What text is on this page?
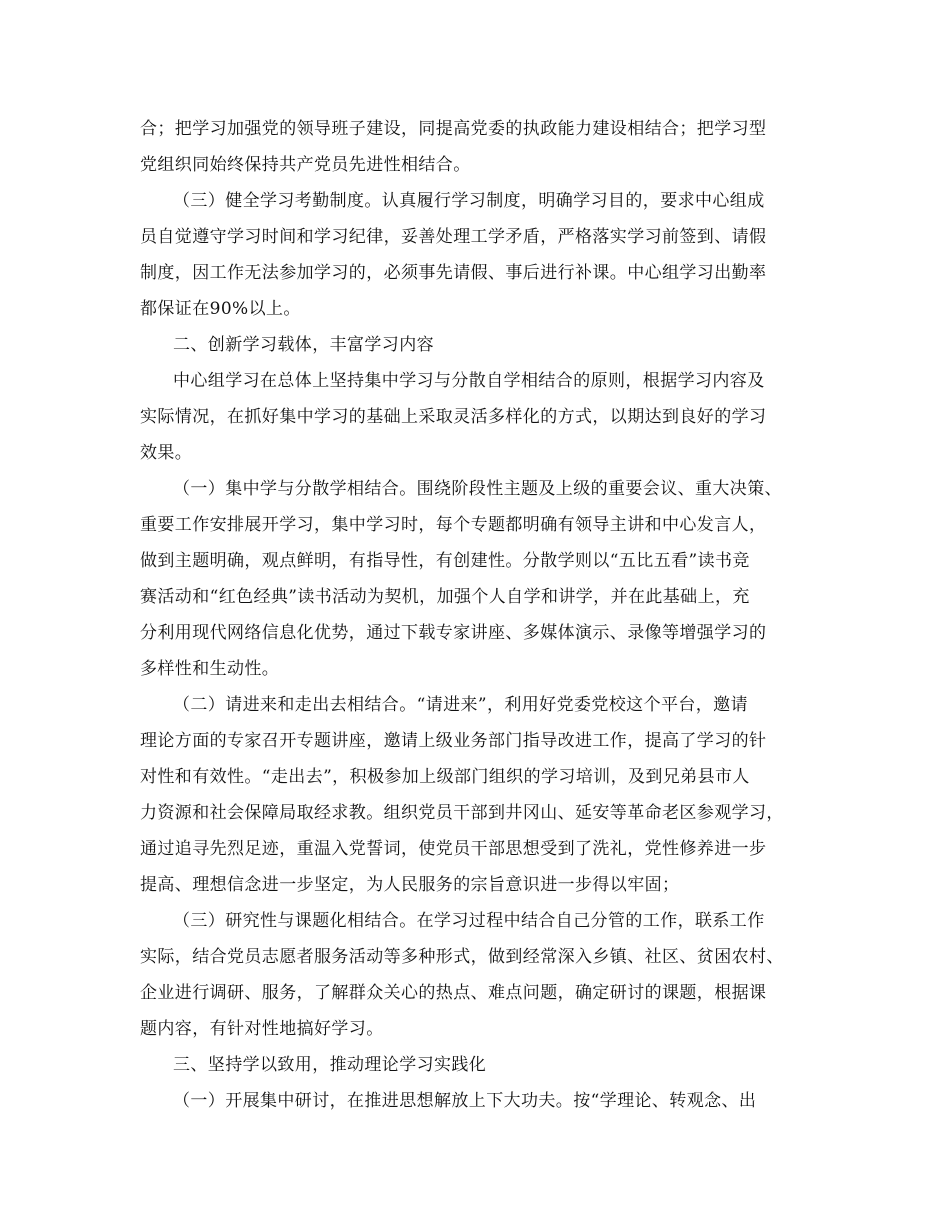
合；把学习加强党的领导班子建设，同提高党委的执政能力建设相结合；把学习型
党组织同始终保持共产党员先进性相结合。
（三）健全学习考勤制度。认真履行学习制度，明确学习目的，要求中心组成
员自觉遵守学习时间和学习纪律，妥善处理工学矛盾，严格落实学习前签到、请假
制度，因工作无法参加学习的，必须事先请假、事后进行补课。中心组学习出勤率
都保证在90%以上。
二、创新学习载体，丰富学习内容
中心组学习在总体上坚持集中学习与分散自学相结合的原则，根据学习内容及
实际情况，在抓好集中学习的基础上采取灵活多样化的方式，以期达到良好的学习
效果。
（一）集中学与分散学相结合。围绕阶段性主题及上级的重要会议、重大决策、
重要工作安排展开学习，集中学习时，每个专题都明确有领导主讲和中心发言人，
做到主题明确，观点鲜明，有指导性，有创建性。分散学则以“五比五看”读书竞
赛活动和“红色经典”读书活动为契机，加强个人自学和讲学，并在此基础上，充
分利用现代网络信息化优势，通过下载专家讲座、多媒体演示、录像等增强学习的
多样性和生动性。
（二）请进来和走出去相结合。“请进来”，利用好党委党校这个平台，邀请
理论方面的专家召开专题讲座，邀请上级业务部门指导改进工作，提高了学习的针
对性和有效性。“走出去”，积极参加上级部门组织的学习培训，及到兄弟县市人
力资源和社会保障局取经求教。组织党员干部到井冈山、延安等革命老区参观学习，
通过追寻先烈足迹，重温入党誓词，使党员干部思想受到了洗礼，党性修养进一步
提高、理想信念进一步坚定，为人民服务的宗旨意识进一步得以牢固；
（三）研究性与课题化相结合。在学习过程中结合自己分管的工作，联系工作
实际，结合党员志愿者服务活动等多种形式，做到经常深入乡镇、社区、贫困农村、
企业进行调研、服务，了解群众关心的热点、难点问题，确定研讨的课题，根据课
题内容，有针对性地搞好学习。
三、坚持学以致用，推动理论学习实践化
（一）开展集中研讨，在推进思想解放上下大功夫。按“学理论、转观念、出
